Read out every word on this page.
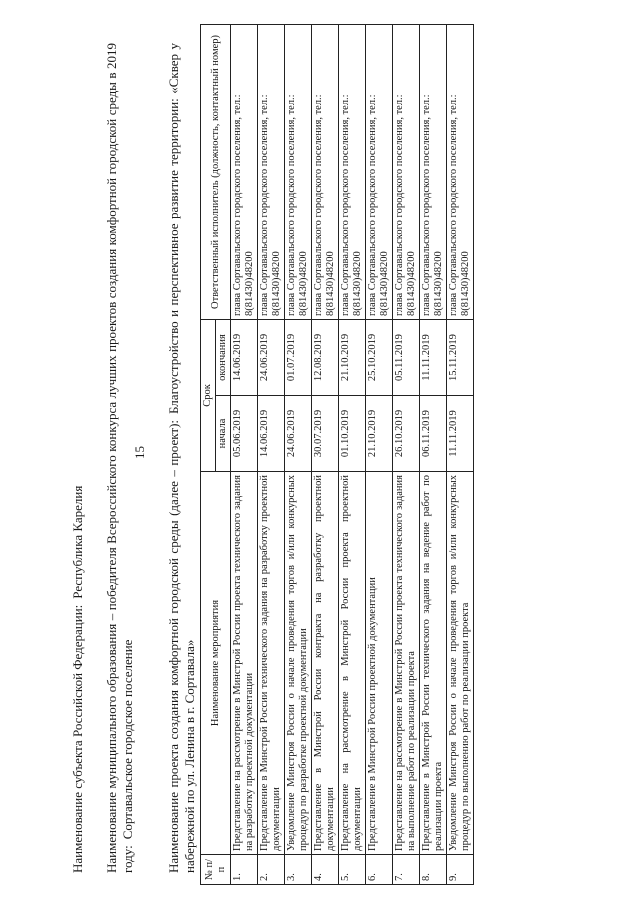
15
Наименование субъекта Российской Федерации:Республика Карелия Наименование муниципального образования – победителя Всероссийского конкурса лучших проектов создания комфортной городской среды в 2019 году:Сортавальское городское поселение Наименование проекта создания комфортной городской среды (далее – проект):Благоустройство и перспективное развитие территории: «Сквер у набережной по ул. Ленина в г. Сортавала» № п/п	Наименование мероприятия	Срок		Ответственный исполнитель (должность, контактный номер)
		начала	окончания	
1.	Представление на рассмотрение в Минстрой России проекта технического задания на разработку проектной документации	05.06.2019	14.06.2019	глава Сортавальского городского поселения, тел.: 8(81430)48200
2.	Представление в Минстрой России технического задания на разработку проектной документации	14.06.2019	24.06.2019	глава Сортавальского городского поселения, тел.: 8(81430)48200
3.	Уведомление Минстроя России о начале проведения торгов и/или конкурсных процедур по разработке проектной документации	24.06.2019	01.07.2019	глава Сортавальского городского поселения, тел.: 8(81430)48200
4.	Представление в Минстрой России контракта на разработку проектной документации	30.07.2019	12.08.2019	глава Сортавальского городского поселения, тел.: 8(81430)48200
5.	Представление на рассмотрение в Минстрой России проекта проектной документации	01.10.2019	21.10.2019	глава Сортавальского городского поселения, тел.: 8(81430)48200
6.	Представление в Минстрой России проектной документации	21.10.2019	25.10.2019	глава Сортавальского городского поселения, тел.: 8(81430)48200
7.	Представление на рассмотрение в Минстрой России проекта технического задания на выполнение работ по реализации проекта	26.10.2019	05.11.2019	глава Сортавальского городского поселения, тел.: 8(81430)48200
8.	Представление в Минстрой России технического задания на ведение работ по реализации проекта	06.11.2019	11.11.2019	глава Сортавальского городского поселения, тел.: 8(81430)48200
9.	Уведомление Минстроя России о начале проведения торгов и/или конкурсных процедур по выполнению работ по реализации проекта	11.11.2019	15.11.2019	глава Сортавальского городского поселения, тел.: 8(81430)48200
